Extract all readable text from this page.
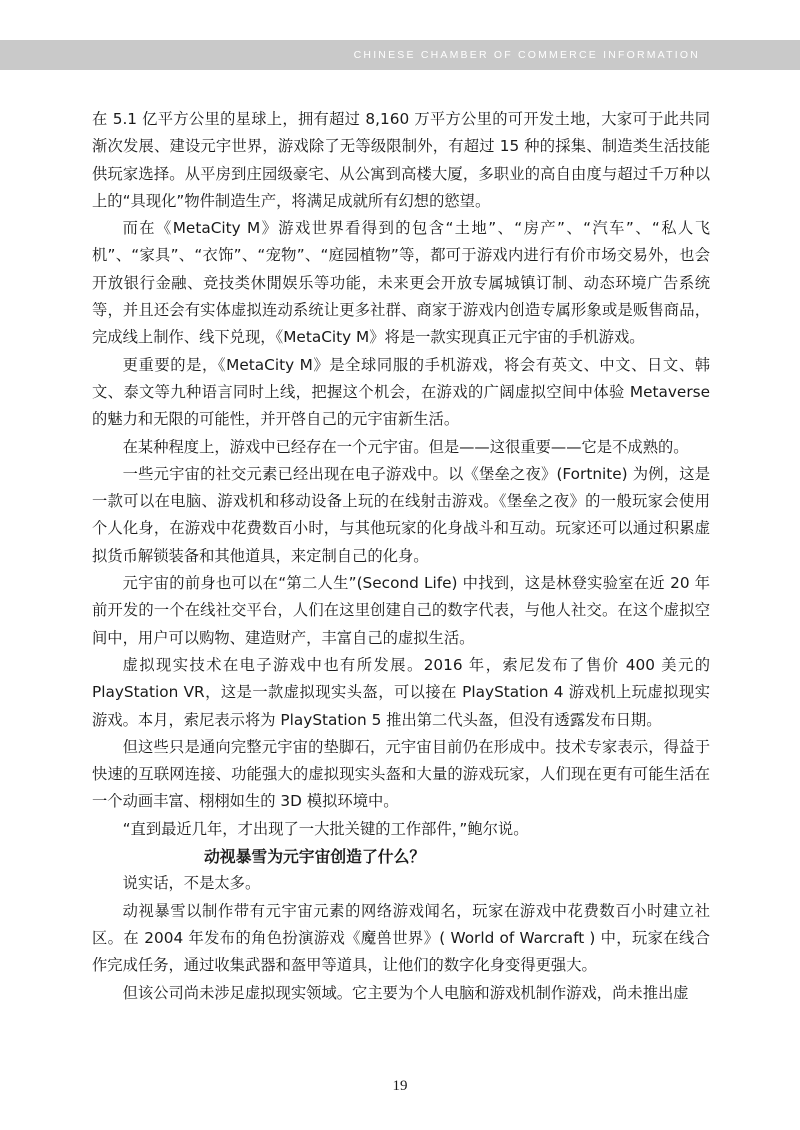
CHINESE CHAMBER OF COMMERCE INFORMATION

在 5.1 亿平方公里的星球上，拥有超过 8,160 万平方公里的可开发土地，大家可于此共同渐次发展、建设元宇世界，游戏除了无等级限制外，有超过 15 种的採集、制造类生活技能供玩家选择。从平房到庄园级豪宅、从公寓到高楼大厦，多职业的高自由度与超过千万种以上的“具现化”物件制造生产，将满足成就所有幻想的慾望。

而在《MetaCity M》游戏世界看得到的包含“土地”、“房产”、“汽车”、“私人飞机”、“家具”、“衣饰”、“宠物”、“庭园植物”等，都可于游戏内进行有价市场交易外，也会开放银行金融、竞技类休閒娱乐等功能，未来更会开放专属城镇订制、动态环境广告系统等，并且还会有实体虚拟连动系统让更多社群、商家于游戏内创造专属形象或是贩售商品，完成线上制作、线下兑现，《MetaCity M》将是一款实现真正元宇宙的手机游戏。

更重要的是，《MetaCity M》是全球同服的手机游戏，将会有英文、中文、日文、韩文、泰文等九种语言同时上线，把握这个机会，在游戏的广阔虚拟空间中体验 Metaverse 的魅力和无限的可能性，并开啓自己的元宇宙新生活。

在某种程度上，游戏中已经存在一个元宇宙。但是——这很重要——它是不成熟的。

一些元宇宙的社交元素已经出现在电子游戏中。以《堡垒之夜》(Fortnite) 为例，这是一款可以在电脑、游戏机和移动设备上玩的在线射击游戏。《堡垒之夜》的一般玩家会使用个人化身，在游戏中花费数百小时，与其他玩家的化身战斗和互动。玩家还可以通过积累虚拟货币解锁装备和其他道具，来定制自己的化身。

元宇宙的前身也可以在“第二人生”(Second Life) 中找到，这是林登实验室在近 20 年前开发的一个在线社交平台，人们在这里创建自己的数字代表，与他人社交。在这个虚拟空间中，用户可以购物、建造财产，丰富自己的虚拟生活。

虚拟现实技术在电子游戏中也有所发展。2016 年，索尼发布了售价 400 美元的 PlayStation VR，这是一款虚拟现实头盔，可以接在 PlayStation 4 游戏机上玩虚拟现实游戏。本月，索尼表示将为 PlayStation 5 推出第二代头盔，但没有透露发布日期。

但这些只是通向完整元宇宙的垫脚石，元宇宙目前仍在形成中。技术专家表示，得益于快速的互联网连接、功能强大的虚拟现实头盔和大量的游戏玩家，人们现在更有可能生活在一个动画丰富、栩栩如生的 3D 模拟环境中。

“直到最近几年，才出现了一大批关键的工作部件，”鲍尔说。

动视暴雪为元宇宙创造了什么？

说实话，不是太多。

动视暴雪以制作带有元宇宙元素的网络游戏闻名，玩家在游戏中花费数百小时建立社区。在 2004 年发布的角色扮演游戏《魔兽世界》( World of Warcraft ) 中，玩家在线合作完成任务，通过收集武器和盔甲等道具，让他们的数字化身变得更强大。

但该公司尚未涉足虚拟现实领域。它主要为个人电脑和游戏机制作游戏，尚未推出虚

19
